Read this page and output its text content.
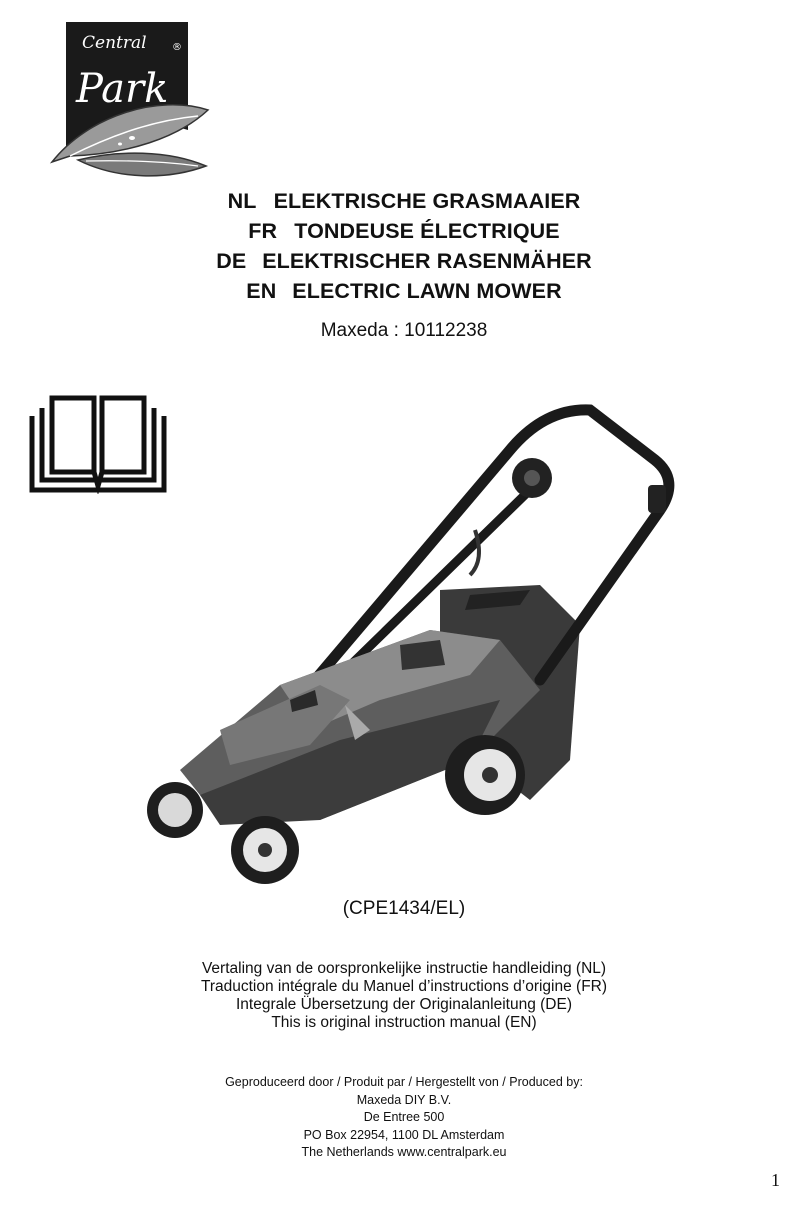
Central	®
Park
NL ELEKTRISCHE GRASMAAIER
FR TONDEUSE ÉLECTRIQUE
DE ELEKTRISCHER RASENMÄHER
EN ELECTRIC LAWN MOWER
Maxeda : 10112238
(CPE1434/EL)
Vertaling van de oorspronkelijke instructie handleiding (NL)
Traduction intégrale du Manuel d’instructions d’origine (FR)
Integrale Übersetzung der Originalanleitung (DE)
This is original instruction manual (EN)
Geproduceerd door / Produit par / Hergestellt von / Produced by:
Maxeda DIY B.V.
De Entree 500
PO Box 22954, 1100 DL Amsterdam
The Netherlands www.centralpark.eu
1
